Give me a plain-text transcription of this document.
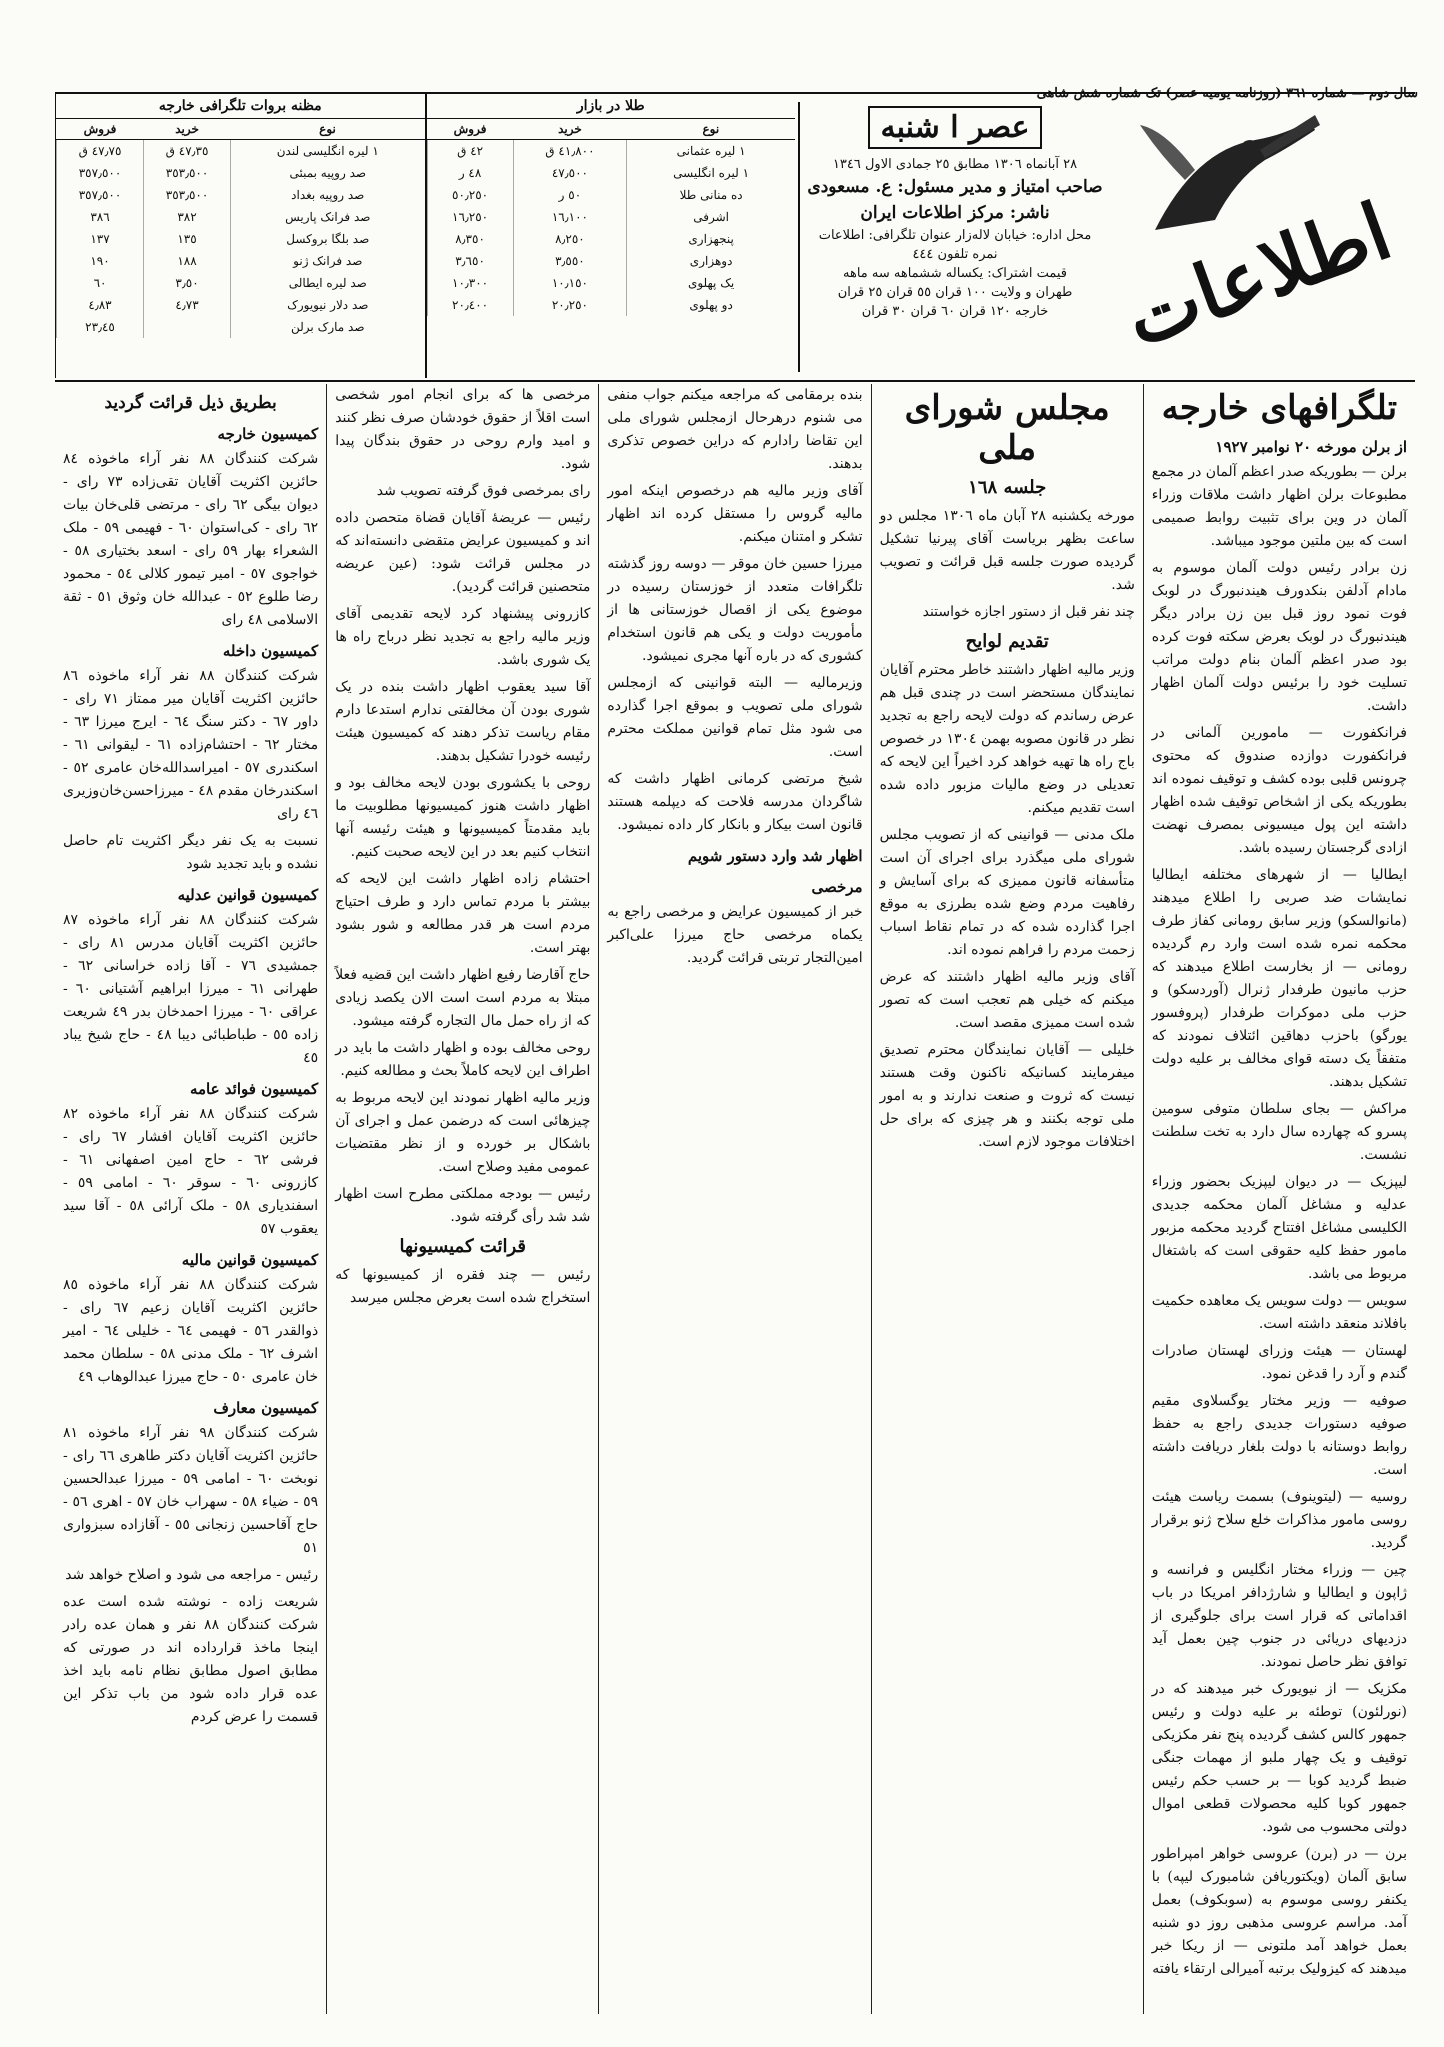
سال دوم — شماره ٣٦١ (روزنامه یومیه عصر) تک شماره شش شاهی
اطلاعات
عصر ا شنبه
٢٨ آبانماه ١٣٠٦ مطابق ٢٥ جمادی الاول ١٣٤٦
صاحب امتیاز و مدیر مسئول: ع. مسعودی
ناشر: مرکز اطلاعات ایران
محل اداره: خیابان لاله‌زار عنوان تلگرافی: اطلاعات
نمره تلفون ٤٤٤
قیمت اشتراک: یکساله ششماهه سه ماهه
طهران و ولایت ١٠٠ قران ٥٥ قران ٢٥ قران
خارجه ١٢٠ قران ٦٠ قران ٣٠ قران
طلا در بازار
نوع	خرید	فروش
١ لیره عثمانی	٤١٫٨٠٠ ق	٤٢ ق
١ لیره انگلیسی	٤٧٫٥٠٠	٤٨ ر
ده منانی طلا	٥٠ ر	٥٠٫٢٥٠
اشرفی	١٦٫١٠٠	١٦٫٢٥٠
پنجهزاری	٨٫٢٥٠	٨٫٣٥٠
دوهزاری	٣٫٥٥٠	٣٫٦٥٠
یک پهلوی	١٠٫١٥٠	١٠٫٣٠٠
دو پهلوی	٢٠٫٢٥٠	٢٠٫٤٠٠
مظنه بروات تلگرافی خارجه
نوع	خرید	فروش
١ لیره انگلیسی لندن	٤٧٫٣٥ ق	٤٧٫٧٥ ق
صد روپیه بمبئی	٣٥٣٫٥٠٠	٣٥٧٫٥٠٠
صد روپیه بغداد	٣٥٣٫٥٠٠	٣٥٧٫٥٠٠
صد فرانک پاریس	٣٨٢	٣٨٦
صد بلگا بروکسل	١٣٥	١٣٧
صد فرانک ژنو	١٨٨	١٩٠
صد لیره ایطالی	٣٫٥٠	٦٠
صد دلار نیویورک	٤٫٧٣	٤٫٨٣
صد مارک برلن		٢٣٫٤٥
تلگرافهای خارجه
از برلن مورخه ٢٠ نوامبر ١٩٢٧

برلن — بطوریکه صدر اعظم آلمان در مجمع مطبوعات برلن اظهار داشت ملاقات وزراء آلمان در وین برای تثبیت روابط صمیمی است که بین ملتین موجود میباشد.

زن برادر رئیس دولت آلمان موسوم به مادام آدلفن بنکدورف هیندنبورگ در لوبک فوت نمود روز قبل بین زن برادر دیگر هیندنبورگ در لوبک بعرض سکته فوت کرده بود صدر اعظم آلمان بنام دولت مراتب تسلیت خود را برئیس دولت آلمان اظهار داشت.

فرانکفورت — مامورین آلمانی در فرانکفورت دوازده صندوق که محتوی چرونس قلبی بوده کشف و توقیف نموده اند بطوریکه یکی از اشخاص توقیف شده اظهار داشته این پول میسیونی بمصرف نهضت ازادی گرجستان رسیده باشد.

ایطالیا — از شهرهای مختلفه ایطالیا نمایشات ضد صربی را اطلاع میدهند (مانوالسکو) وزیر سابق رومانی کفاز طرف محکمه نمره شده است وارد رم گردیده رومانی — از بخارست اطلاع میدهند که حزب مانیون طرفدار ژنرال (آوردسکو) و حزب ملی دموکرات طرفدار (پروفسور یورگو) باحزب دهاقین ائتلاف نمودند که متفقاً یک دسته قوای مخالف بر علیه دولت تشکیل بدهند.

مراکش — بجای سلطان متوفی سومین پسرو که چهارده سال دارد به تخت سلطنت نشست.

لیپزیک — در دیوان لیپزیک بحضور وزراء عدلیه و مشاغل آلمان محکمه جدیدی الکلیسی مشاغل افتتاح گردید محکمه مزبور مامور حفظ کلیه حقوقی است که باشتغال مربوط می باشد.

سویس — دولت سویس یک معاهده حکمیت بافلاند منعقد داشته است.

لهستان — هیئت وزرای لهستان صادرات گندم و آرد را قدغن نمود.

صوفیه — وزیر مختار یوگسلاوی مقیم صوفیه دستورات جدیدی راجع به حفظ روابط دوستانه با دولت بلغار دریافت داشته است.

روسیه — (لیتوینوف) بسمت ریاست هیئت روسی مامور مذاکرات خلع سلاح ژنو برقرار گردید.

چین — وزراء مختار انگلیس و فرانسه و ژاپون و ایطالیا و شارژدافر امریکا در باب اقداماتی که قرار است برای جلوگیری از دزدیهای دریائی در جنوب چین بعمل آید توافق نظر حاصل نمودند.

مکزیک — از نیویورک خبر میدهند که در (نورلئون) توطئه بر علیه دولت و رئیس جمهور کالس کشف گردیده پنج نفر مکزیکی توقیف و یک چهار ملبو از مهمات جنگی ضبط گردید کوبا — بر حسب حکم رئیس جمهور کوبا کلیه محصولات قطعی اموال دولتی محسوب می شود.

برن — در (برن) عروسی خواهر امپراطور سابق آلمان (ویکتوریافن شامبورک لیپه) با یکنفر روسی موسوم به (سوبکوف) بعمل آمد. مراسم عروسی مذهبی روز دو شنبه بعمل خواهد آمد ملتونی — از ریکا خبر میدهند که کیزولیک برتبه آمیرالی ارتقاء یافته

مجلس شورای ملی
جلسه ١٦٨

مورخه یکشنبه ٢٨ آبان ماه ١٣٠٦ مجلس دو ساعت بظهر بریاست آقای پیرنیا تشکیل گردیده صورت جلسه قبل قرائت و تصویب شد.

چند نفر قبل از دستور اجازه خواستند

تقدیم لوایح

وزیر مالیه اظهار داشتند خاطر محترم آقایان نمایندگان مستحضر است در چندی قبل هم عرض رساندم که دولت لایحه راجع به تجدید نظر در قانون مصوبه بهمن ١٣٠٤ در خصوص باج راه ها تهیه خواهد کرد اخیراً این لایحه که تعدیلی در وضع مالیات مزبور داده شده است تقدیم میکنم.

ملک مدنی — قوانینی که از تصویب مجلس شورای ملی میگذرد برای اجرای آن است متأسفانه قانون ممیزی که برای آسایش و رفاهیت مردم وضع شده بطرزی به موقع اجرا گذارده شده که در تمام نقاط اسباب زحمت مردم را فراهم نموده اند.

آقای وزیر مالیه اظهار داشتند که عرض میکنم که خیلی هم تعجب است که تصور شده است ممیزی مقصد است.

خلیلی — آقایان نمایندگان محترم تصدیق میفرمایند کسانیکه ناکنون وقت هستند نیست که ثروت و صنعت ندارند و به امور ملی توجه بکنند و هر چیزی که برای حل اختلافات موجود لازم است.

بنده برمقامی که مراجعه میکنم جواب منفی می شنوم درهرحال ازمجلس شورای ملی این تقاضا رادارم که دراین خصوص تذکری بدهند.

آقای وزیر مالیه هم درخصوص اینکه امور مالیه گروس را مستقل کرده اند اظهار تشکر و امتنان میکنم.

میرزا حسین خان موقر — دوسه روز گذشته تلگرافات متعدد از خوزستان رسیده در موضوع یکی از اقصال خوزستانی ها از مأموریت دولت و یکی هم قانون استخدام کشوری که در باره آنها مجری نمیشود.

وزیرمالیه — البته قوانینی که ازمجلس شورای ملی تصویب و بموقع اجرا گذارده می شود مثل تمام قوانین مملکت محترم است.

شیخ مرتضی کرمانی اظهار داشت که شاگردان مدرسه فلاحت که دیپلمه هستند قانون است بیکار و بانکار کار داده نمیشود.

اظهار شد وارد دستور شویم
مرخصی

خبر از کمیسیون عرایض و مرخصی راجع به یکماه مرخصی حاج میرزا علی‌اکبر امین‌التجار تربتی قرائت گردید.

مرخصی ها که برای انجام امور شخصی است اقلاً از حقوق خودشان صرف نظر کنند و امید وارم روحی در حقوق بندگان پیدا شود.

رای بمرخصی فوق گرفته تصویب شد

رئیس — عریضهٔ آقایان قضاة متحصن داده اند و کمیسیون عرایض متقضی دانسته‌اند که در مجلس قرائت شود: (عین عریضه متحصنین قرائت گردید).

کازرونی پیشنهاد کرد لایحه تقدیمی آقای وزیر مالیه راجع به تجدید نظر درباج راه ها یک شوری باشد.

آقا سید یعقوب اظهار داشت بنده در یک شوری بودن آن مخالفتی ندارم استدعا دارم مقام ریاست تذکر دهند که کمیسیون هیئت رئیسه خودرا تشکیل بدهند.

روحی با یکشوری بودن لایحه مخالف بود و اظهار داشت هنوز کمیسیونها مطلوبیت ما باید مقدمتاً کمیسیونها و هیئت رئیسه آنها انتخاب کنیم بعد در این لایحه صحبت کنیم.

احتشام زاده اظهار داشت این لایحه که بیشتر با مردم تماس دارد و طرف احتیاج مردم است هر قدر مطالعه و شور بشود بهتر است.

حاج آقارضا رفیع اظهار داشت این قضیه فعلاً مبتلا به مردم است است الان یکصد زیادی که از راه حمل مال التجاره گرفته میشود.

روحی مخالف بوده و اظهار داشت ما باید در اطراف این لایحه کاملاً بحث و مطالعه کنیم.

وزیر مالیه اظهار نمودند این لایحه مربوط به چیزهائی است که درضمن عمل و اجرای آن باشکال بر خورده و از نظر مقتضیات عمومی مفید وصلاح است.

رئیس — بودجه مملکتی مطرح است اظهار شد شد رأی گرفته شود.

قرائت کمیسیونها

رئیس — چند فقره از کمیسیونها که استخراج شده است بعرض مجلس میرسد

بطریق ذیل قرائت گردید
کمیسیون خارجه

شرکت کنندگان ٨٨ نفر آراء ماخوذه ٨٤ حائزین اکثریت آقایان تقی‌زاده ٧٣ رای - دیوان بیگی ٦٢ رای - مرتضی قلی‌خان بیات ٦٢ رای - کی‌استوان ٦٠ - فهیمی ٥٩ - ملک الشعراء بهار ٥٩ رای - اسعد بختیاری ٥٨ - خواجوی ٥٧ - امیر تیمور کلالی ٥٤ - محمود رضا طلوع ٥٢ - عبدالله خان وثوق ٥١ - ثقة الاسلامی ٤٨ رای

کمیسیون داخله

شرکت کنندگان ٨٨ نفر آراء ماخوذه ٨٦ حائزین اکثریت آقایان میر ممتاز ٧١ رای - داور ٦٧ - دکتر سنگ ٦٤ - ایرج میرزا ٦٣ - مختار ٦٢ - احتشام‌زاده ٦١ - لیقوانی ٦١ - اسکندری ٥٧ - امیراسدالله‌خان عامری ٥٢ - اسکندرخان مقدم ٤٨ - میرزاحسن‌خان‌وزیری ٤٦ رای

نسبت به یک نفر دیگر اکثریت تام حاصل نشده و باید تجدید شود

کمیسیون قوانین عدلیه

شرکت کنندگان ٨٨ نفر آراء ماخوذه ٨٧ حائزین اکثریت آقایان مدرس ٨١ رای - جمشیدی ٧٦ - آقا زاده خراسانی ٦٢ - طهرانی ٦١ - میرزا ابراهیم آشتیانی ٦٠ - عراقی ٦٠ - میرزا احمدخان بدر ٤٩ شریعت زاده ٥٥ - طباطبائی دیبا ٤٨ - حاج شیخ یباد ٤٥

کمیسیون فوائد عامه

شرکت کنندگان ٨٨ نفر آراء ماخوذه ٨٢ حائزین اکثریت آقایان افشار ٦٧ رای - فرشی ٦٢ - حاج امین اصفهانی ٦١ - کازرونی ٦٠ - سوقر ٦٠ - امامی ٥٩ - اسفندیاری ٥٨ - ملک آرائی ٥٨ - آقا سید یعقوب ٥٧

کمیسیون قوانین مالیه

شرکت کنندگان ٨٨ نفر آراء ماخوذه ٨٥ حائزین اکثریت آقایان زعیم ٦٧ رای - ذوالقدر ٥٦ - فهیمی ٦٤ - خلیلی ٦٤ - امیر اشرف ٦٢ - ملک مدنی ٥٨ - سلطان محمد خان عامری ٥٠ - حاج میرزا عبدالوهاب ٤٩

کمیسیون معارف

شرکت کنندگان ٩٨ نفر آراء ماخوذه ٨١ حائزین اکثریت آقایان دکتر طاهری ٦٦ رای - نوبخت ٦٠ - امامی ٥٩ - میرزا عبدالحسین ٥٩ - ضیاء ٥٨ - سهراب خان ٥٧ - اهری ٥٦ - حاج آقاحسین زنجانی ٥٥ - آقازاده سبزواری ٥١

رئیس - مراجعه می شود و اصلاح خواهد شد

شریعت زاده - نوشته شده است عده شرکت کنندگان ٨٨ نفر و همان عده رادر اینجا ماخذ قرارداده اند در صورتی که مطابق اصول مطابق نظام نامه باید اخذ عده قرار داده شود من باب تذکر این قسمت را عرض کردم
